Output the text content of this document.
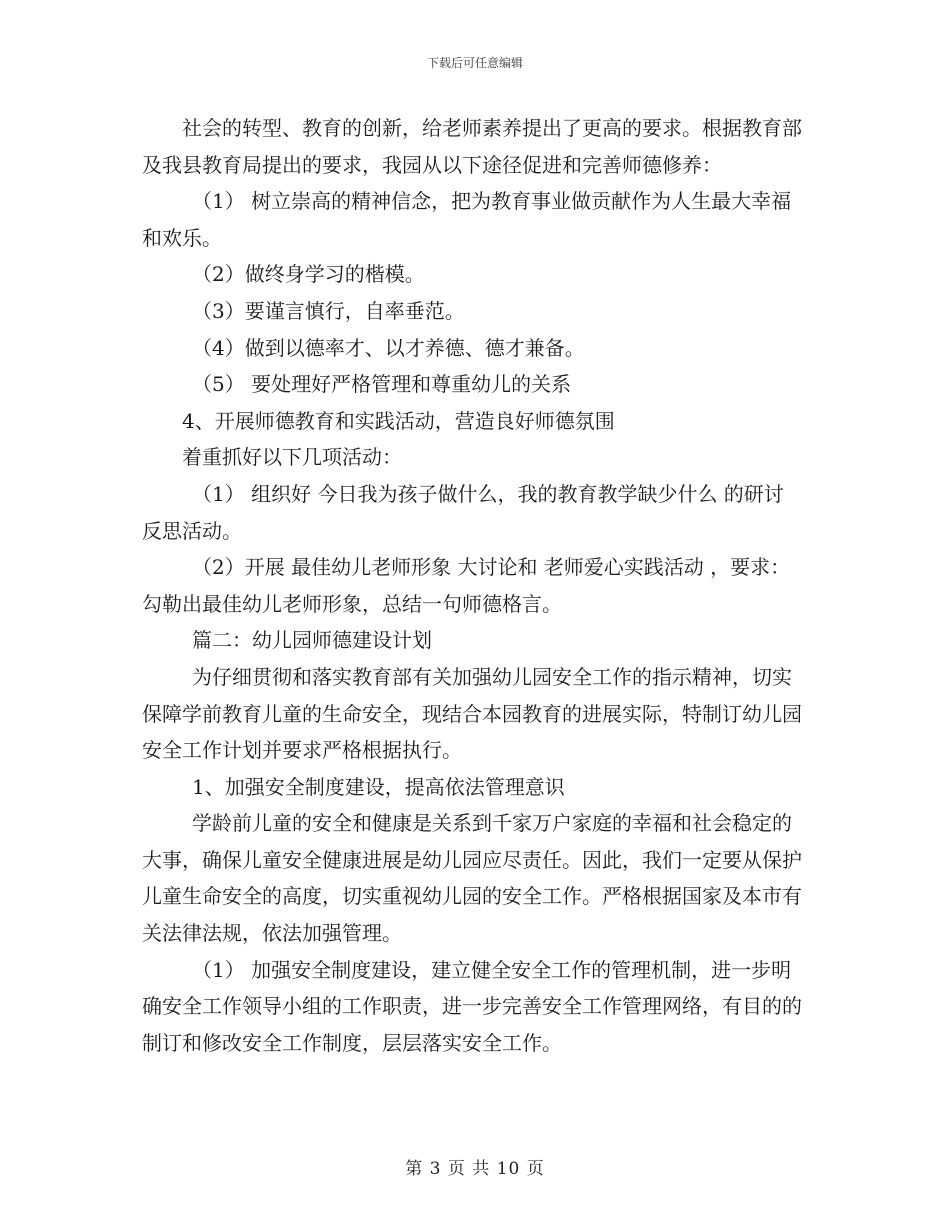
下载后可任意编辑

社会的转型、教育的创新，给老师素养提出了更高的要求。根据教育部及我县教育局提出的要求，我园从以下途径促进和完善师德修养：

（1） 树立崇高的精神信念，把为教育事业做贡献作为人生最大幸福和欢乐。

（2）做终身学习的楷模。

（3）要谨言慎行，自率垂范。

（4）做到以德率才、以才养德、德才兼备。

（5） 要处理好严格管理和尊重幼儿的关系

4、开展师德教育和实践活动，营造良好师德氛围

着重抓好以下几项活动：

（1） 组织好 今日我为孩子做什么，我的教育教学缺少什么 的研讨反思活动。

（2）开展 最佳幼儿老师形象 大讨论和 老师爱心实践活动 ，要求：勾勒出最佳幼儿老师形象，总结一句师德格言。

篇二：幼儿园师德建设计划

为仔细贯彻和落实教育部有关加强幼儿园安全工作的指示精神，切实保障学前教育儿童的生命安全，现结合本园教育的进展实际，特制订幼儿园安全工作计划并要求严格根据执行。

1、加强安全制度建设，提高依法管理意识

学龄前儿童的安全和健康是关系到千家万户家庭的幸福和社会稳定的大事，确保儿童安全健康进展是幼儿园应尽责任。因此，我们一定要从保护儿童生命安全的高度，切实重视幼儿园的安全工作。严格根据国家及本市有关法律法规，依法加强管理。

（1） 加强安全制度建设，建立健全安全工作的管理机制，进一步明确安全工作领导小组的工作职责，进一步完善安全工作管理网络，有目的的制订和修改安全工作制度，层层落实安全工作。

第 3 页 共 10 页
